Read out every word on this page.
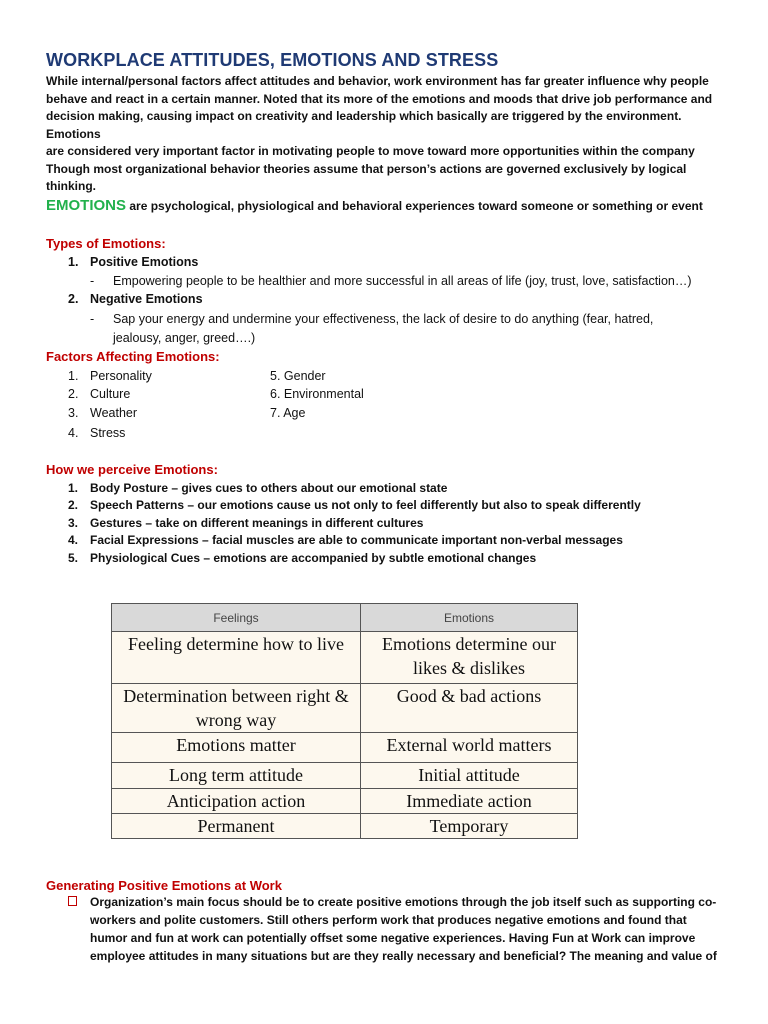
WORKPLACE ATTITUDES, EMOTIONS AND STRESS
While internal/personal factors affect attitudes and behavior, work environment has far greater influence why people
behave and react in a certain manner. Noted that its more of the emotions and moods that drive job performance and
decision making, causing impact on creativity and leadership which basically are triggered by the environment. Emotions
are considered very important factor in motivating people to move toward more opportunities within the company
Though most organizational behavior theories assume that person’s actions are governed exclusively by logical
thinking.
EMOTIONS are psychological, physiological and behavioral experiences toward someone or something or event
Types of Emotions:
1. Positive Emotions
- Empowering people to be healthier and more successful in all areas of life (joy, trust, love, satisfaction…)
2. Negative Emotions
- Sap your energy and undermine your effectiveness, the lack of desire to do anything (fear, hatred,
jealousy, anger, greed….)
Factors Affecting Emotions:
1. Personality
2. Culture
3. Weather
4. Stress
5. Gender
6. Environmental
7. Age
How we perceive Emotions:
1. Body Posture – gives cues to others about our emotional state
2. Speech Patterns – our emotions cause us not only to feel differently but also to speak differently
3. Gestures – take on different meanings in different cultures
4. Facial Expressions – facial muscles are able to communicate important non-verbal messages
5. Physiological Cues – emotions are accompanied by subtle emotional changes
Feelings	Emotions
Feeling determine how to live	Emotions determine our likes & dislikes
Determination between right & wrong way	Good & bad actions
Emotions matter	External world matters
Long term attitude	Initial attitude
Anticipation action	Immediate action
Permanent	Temporary
Generating Positive Emotions at Work
Organization’s main focus should be to create positive emotions through the job itself such as supporting co-
workers and polite customers. Still others perform work that produces negative emotions and found that
humor and fun at work can potentially offset some negative experiences. Having Fun at Work can improve
employee attitudes in many situations but are they really necessary and beneficial? The meaning and value of
